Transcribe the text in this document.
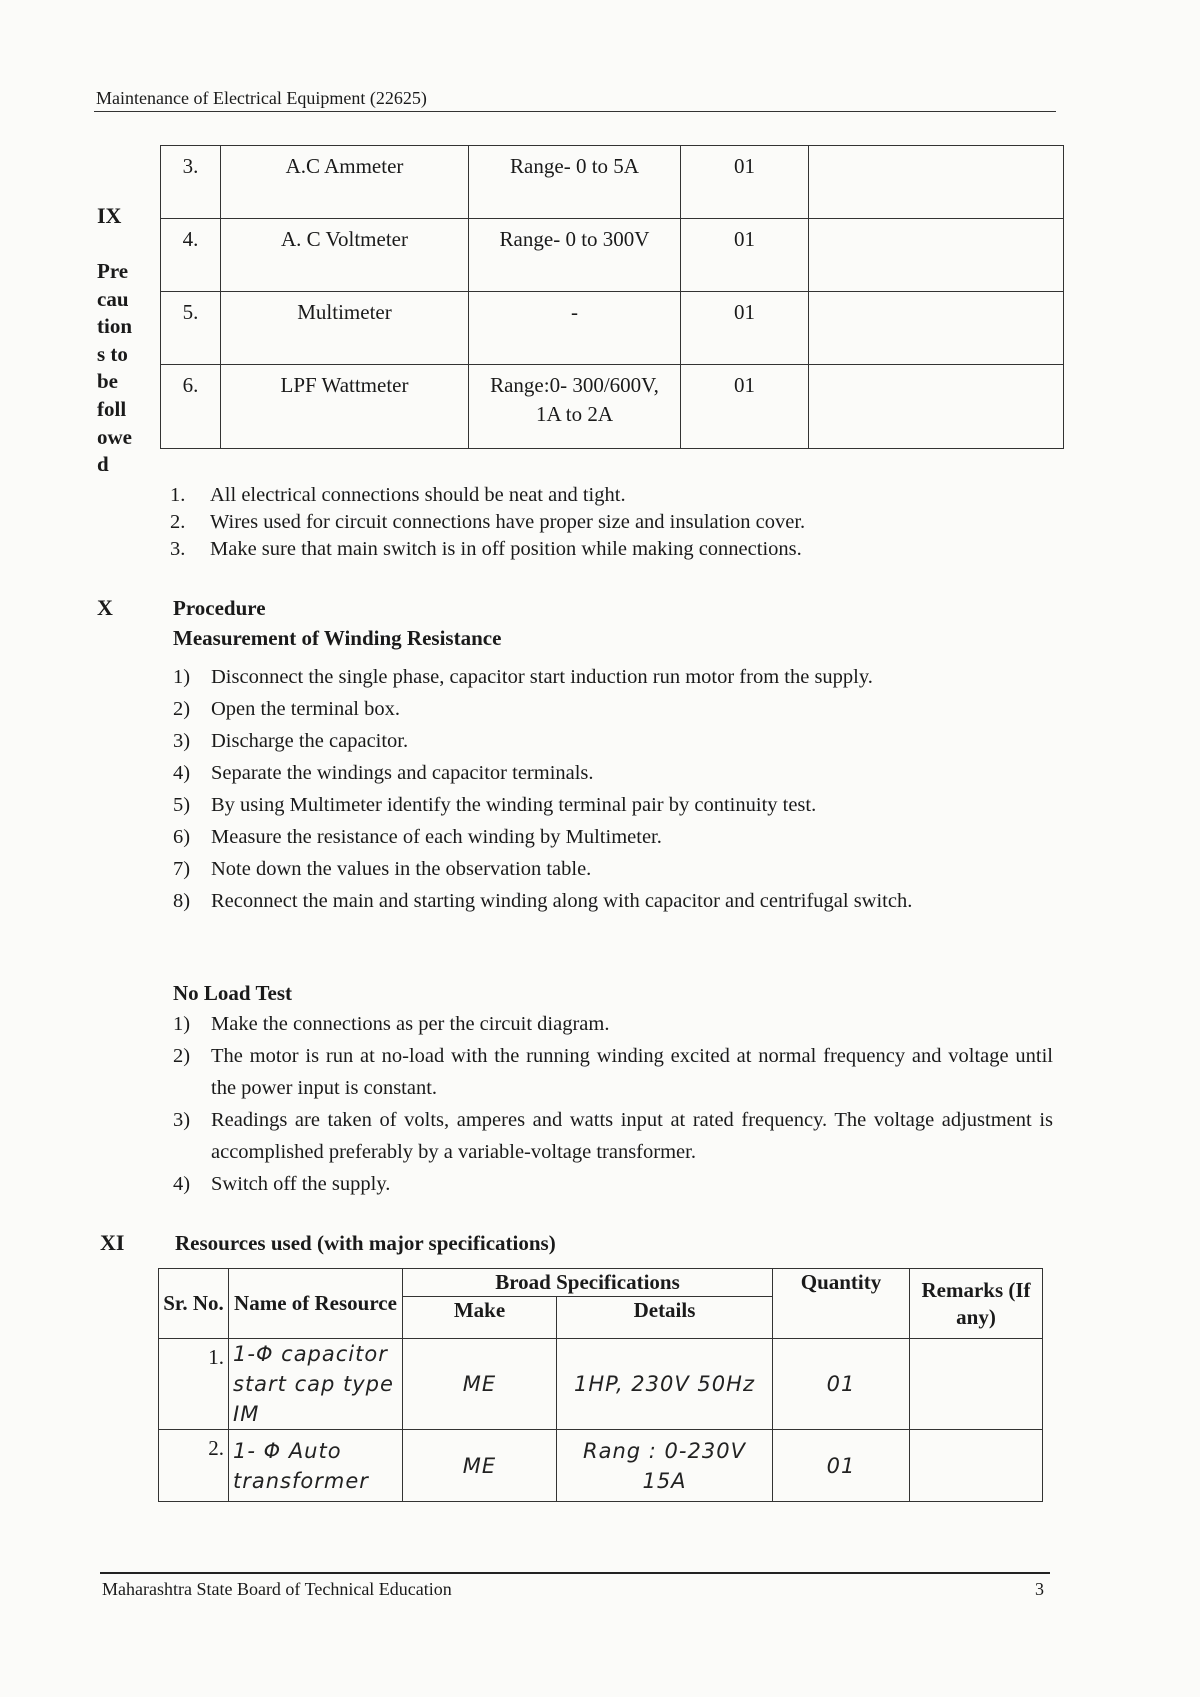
Maintenance of Electrical Equipment (22625)
3.	A.C Ammeter	Range- 0 to 5A	01	
4.	A. C Voltmeter	Range- 0 to 300V	01	
5.	Multimeter	-	01	
6.	LPF Wattmeter	Range:0- 300/600V, 1A to 2A	01	
IX
Pre
cau
tion
s to
be
foll
owe
d
1.	All electrical connections should be neat and tight.
2.	Wires used for circuit connections have proper size and insulation cover.
3.	Make sure that main switch is in off position while making connections.
X	Procedure
Measurement of Winding Resistance
1)	Disconnect the single phase, capacitor start induction run motor from the supply.
2)	Open the terminal box.
3)	Discharge the capacitor.
4)	Separate the windings and capacitor terminals.
5)	By using Multimeter identify the winding terminal pair by continuity test.
6)	Measure the resistance of each winding by Multimeter.
7)	Note down the values in the observation table.
8)	Reconnect the main and starting winding along with capacitor and centrifugal switch.
No Load Test
1)	Make the connections as per the circuit diagram.
2)	The motor is run at no-load with the running winding excited at normal frequency and voltage until the power input is constant.
3)	Readings are taken of volts, amperes and watts input at rated frequency. The voltage adjustment is accomplished preferably by a variable-voltage transformer.
4)	Switch off the supply.
XI Resources used (with major specifications)
Sr. No.	Name of Resource	Broad Specifications		Quantity	Remarks (If any)
		Make	Details		
1.	1-Φ capacitor start cap type IM	ME	1HP, 230V 50Hz	01	
2.	1- Φ Auto transformer	ME	Rang : 0-230V 15A	01	
Maharashtra State Board of Technical Education	3
